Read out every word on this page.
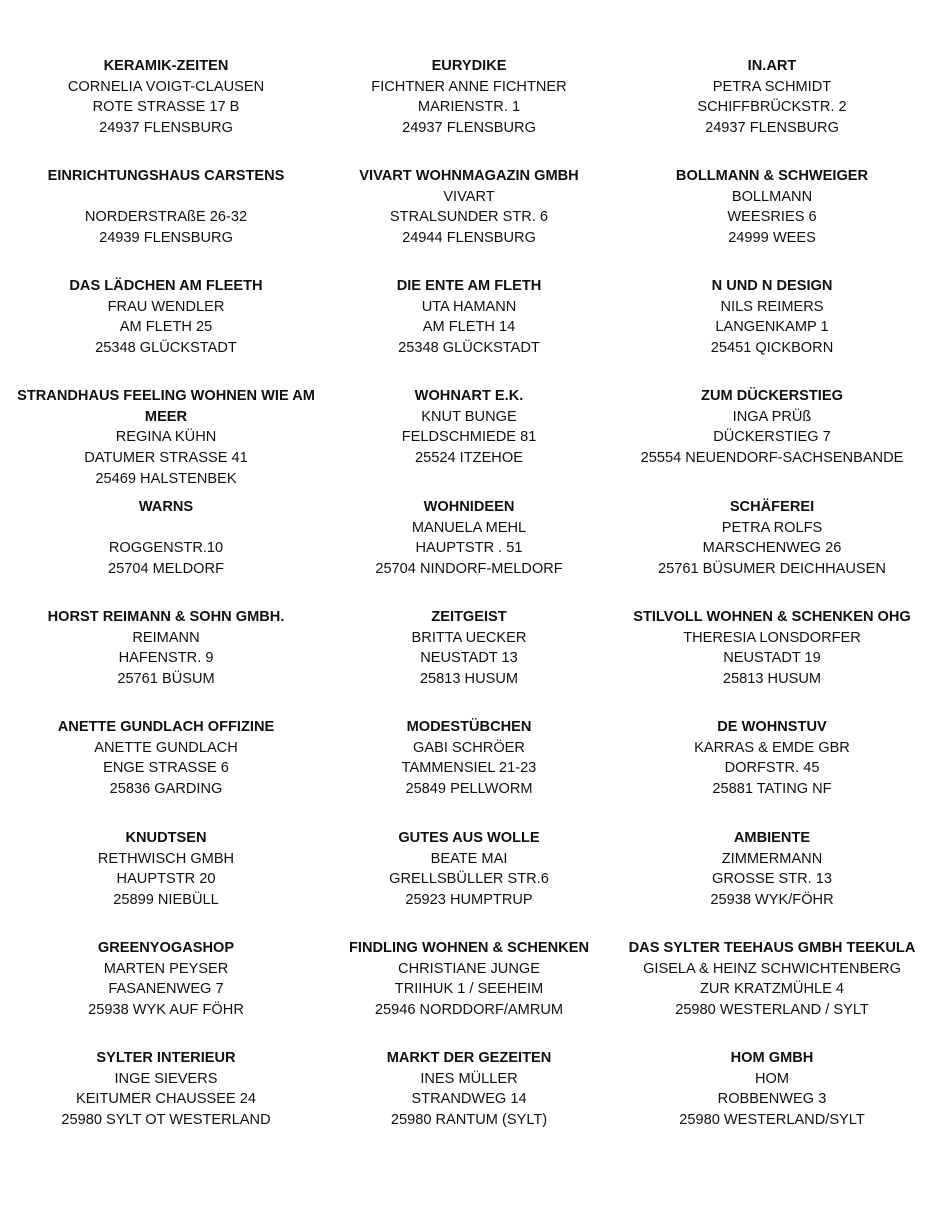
KERAMIK-ZEITEN
CORNELIA VOIGT-CLAUSEN
ROTE STRASSE 17 B
24937 FLENSBURG
EURYDIKE
FICHTNER ANNE FICHTNER
MARIENSTR. 1
24937 FLENSBURG
IN.ART
PETRA SCHMIDT
SCHIFFBRÜCKSTR. 2
24937 FLENSBURG
EINRICHTUNGSHAUS CARSTENS
NORDERSTRAßE 26-32
24939 FLENSBURG
VIVART WOHNMAGAZIN GMBH
VIVART
STRALSUNDER STR. 6
24944 FLENSBURG
BOLLMANN & SCHWEIGER
BOLLMANN
WEESRIES 6
24999 WEES
DAS LÄDCHEN AM FLEETH
FRAU WENDLER
AM FLETH 25
25348 GLÜCKSTADT
DIE ENTE AM FLETH
UTA HAMANN
AM FLETH 14
25348 GLÜCKSTADT
N UND N DESIGN
NILS REIMERS
LANGENKAMP 1
25451 QICKBORN
STRANDHAUS FEELING WOHNEN WIE AM MEER
REGINA KÜHN
DATUMER STRASSE 41
25469 HALSTENBEK
WOHNART E.K.
KNUT BUNGE
FELDSCHMIEDE 81
25524 ITZEHOE
ZUM DÜCKERSTIEG
INGA PRÜß
DÜCKERSTIEG 7
25554 NEUENDORF-SACHSENBANDE
WARNS
ROGGENSTR.10
25704 MELDORF
WOHNIDEEN
MANUELA MEHL
HAUPTSTR . 51
25704 NINDORF-MELDORF
SCHÄFEREI
PETRA ROLFS
MARSCHENWEG 26
25761 BÜSUMER DEICHHAUSEN
HORST REIMANN & SOHN GMBH.
REIMANN
HAFENSTR. 9
25761 BÜSUM
ZEITGEIST
BRITTA UECKER
NEUSTADT 13
25813 HUSUM
STILVOLL WOHNEN & SCHENKEN OHG
THERESIA LONSDORFER
NEUSTADT 19
25813 HUSUM
ANETTE GUNDLACH OFFIZINE
ANETTE GUNDLACH
ENGE STRASSE 6
25836 GARDING
MODESTÜBCHEN
GABI SCHRÖER
TAMMENSIEL 21-23
25849 PELLWORM
DE WOHNSTUV
KARRAS & EMDE GBR
DORFSTR. 45
25881 TATING NF
KNUDTSEN
RETHWISCH GMBH
HAUPTSTR 20
25899 NIEBÜLL
GUTES AUS WOLLE
BEATE MAI
GRELLSBÜLLER STR.6
25923 HUMPTRUP
AMBIENTE
ZIMMERMANN
GROSSE STR. 13
25938 WYK/FÖHR
GREENYOGASHOP
MARTEN PEYSER
FASANENWEG 7
25938 WYK AUF FÖHR
FINDLING WOHNEN & SCHENKEN
CHRISTIANE JUNGE
TRIIHUK 1 / SEEHEIM
25946 NORDDORF/AMRUM
DAS SYLTER TEEHAUS GMBH TEEKULA
GISELA & HEINZ SCHWICHTENBERG
ZUR KRATZMÜHLE 4
25980 WESTERLAND / SYLT
SYLTER INTERIEUR
INGE SIEVERS
KEITUMER CHAUSSEE 24
25980 SYLT OT WESTERLAND
MARKT DER GEZEITEN
INES MÜLLER
STRANDWEG 14
25980 RANTUM (SYLT)
HOM GMBH
HOM
ROBBENWEG 3
25980 WESTERLAND/SYLT
